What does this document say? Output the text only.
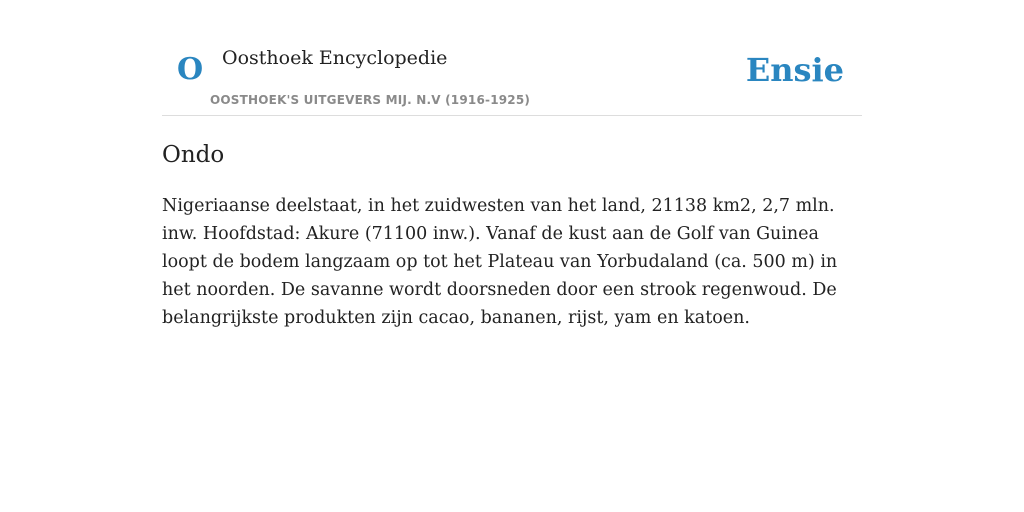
O Oosthoek Encyclopedie
OOSTHOEK'S UITGEVERS MIJ. N.V (1916-1925)
Ensie
Ondo

Nigeriaanse deelstaat, in het zuidwesten van het land, 21138 km2, 2,7 mln. inw. Hoofdstad: Akure (71100 inw.). Vanaf de kust aan de Golf van Guinea loopt de bodem langzaam op tot het Plateau van Yorbudaland (ca. 500 m) in het noorden. De savanne wordt doorsneden door een strook regenwoud. De belangrijkste produkten zijn cacao, bananen, rijst, yam en katoen.
